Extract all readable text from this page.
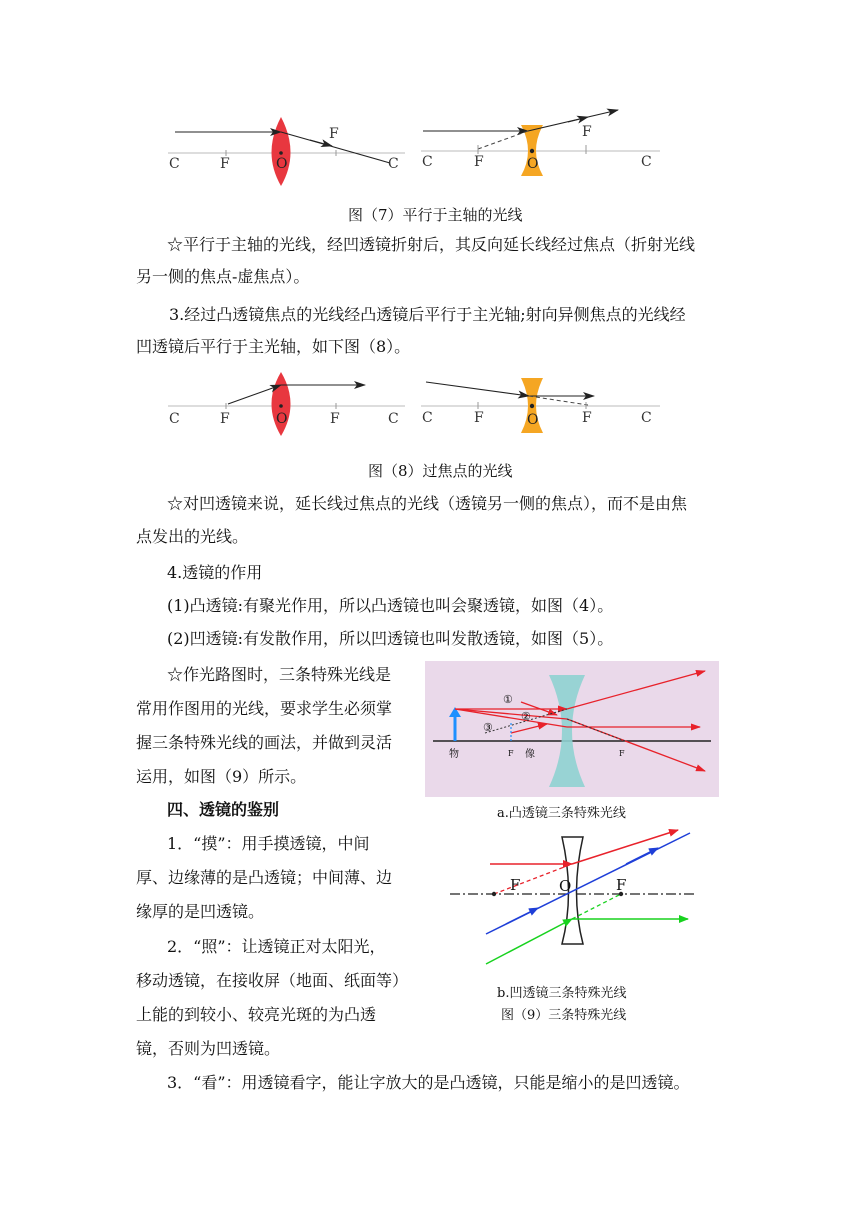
C	F	O
F
C C	F	O
F
C
图（7）平行于主轴的光线
☆平行于主轴的光线，经凹透镜折射后，其反向延长线经过焦点（折射光线
另一侧的焦点-虚焦点）。
3.经过凸透镜焦点的光线经凸透镜后平行于主光轴;射向异侧焦点的光线经
凹透镜后平行于主光轴，如下图（8）。
C	F	O	F	C C	F	O	F	C
图（8）过焦点的光线
☆对凹透镜来说，延长线过焦点的光线（透镜另一侧的焦点），而不是由焦
点发出的光线。
4.透镜的作用
(1)凸透镜:有聚光作用，所以凸透镜也叫会聚透镜，如图（4）。
(2)凹透镜:有发散作用，所以凹透镜也叫发散透镜，如图（5）。
☆作光路图时，三条特殊光线是
常用作图用的光线，要求学生必须掌
握三条特殊光线的画法，并做到灵活
运用，如图（9）所示。
①
②
③
物	像
F	F
a.凸透镜三条特殊光线
四、透镜的鉴别
1．“摸”：用手摸透镜，中间
厚、边缘薄的是凸透镜；中间薄、边
缘厚的是凹透镜。
F	O	F
2．“照”：让透镜正对太阳光，
移动透镜，在接收屏（地面、纸面等）
上能的到较小、较亮光斑的为凸透
镜，否则为凹透镜。
b.凹透镜三条特殊光线
图（9）三条特殊光线
3．“看”：用透镜看字，能让字放大的是凸透镜，只能是缩小的是凹透镜。
